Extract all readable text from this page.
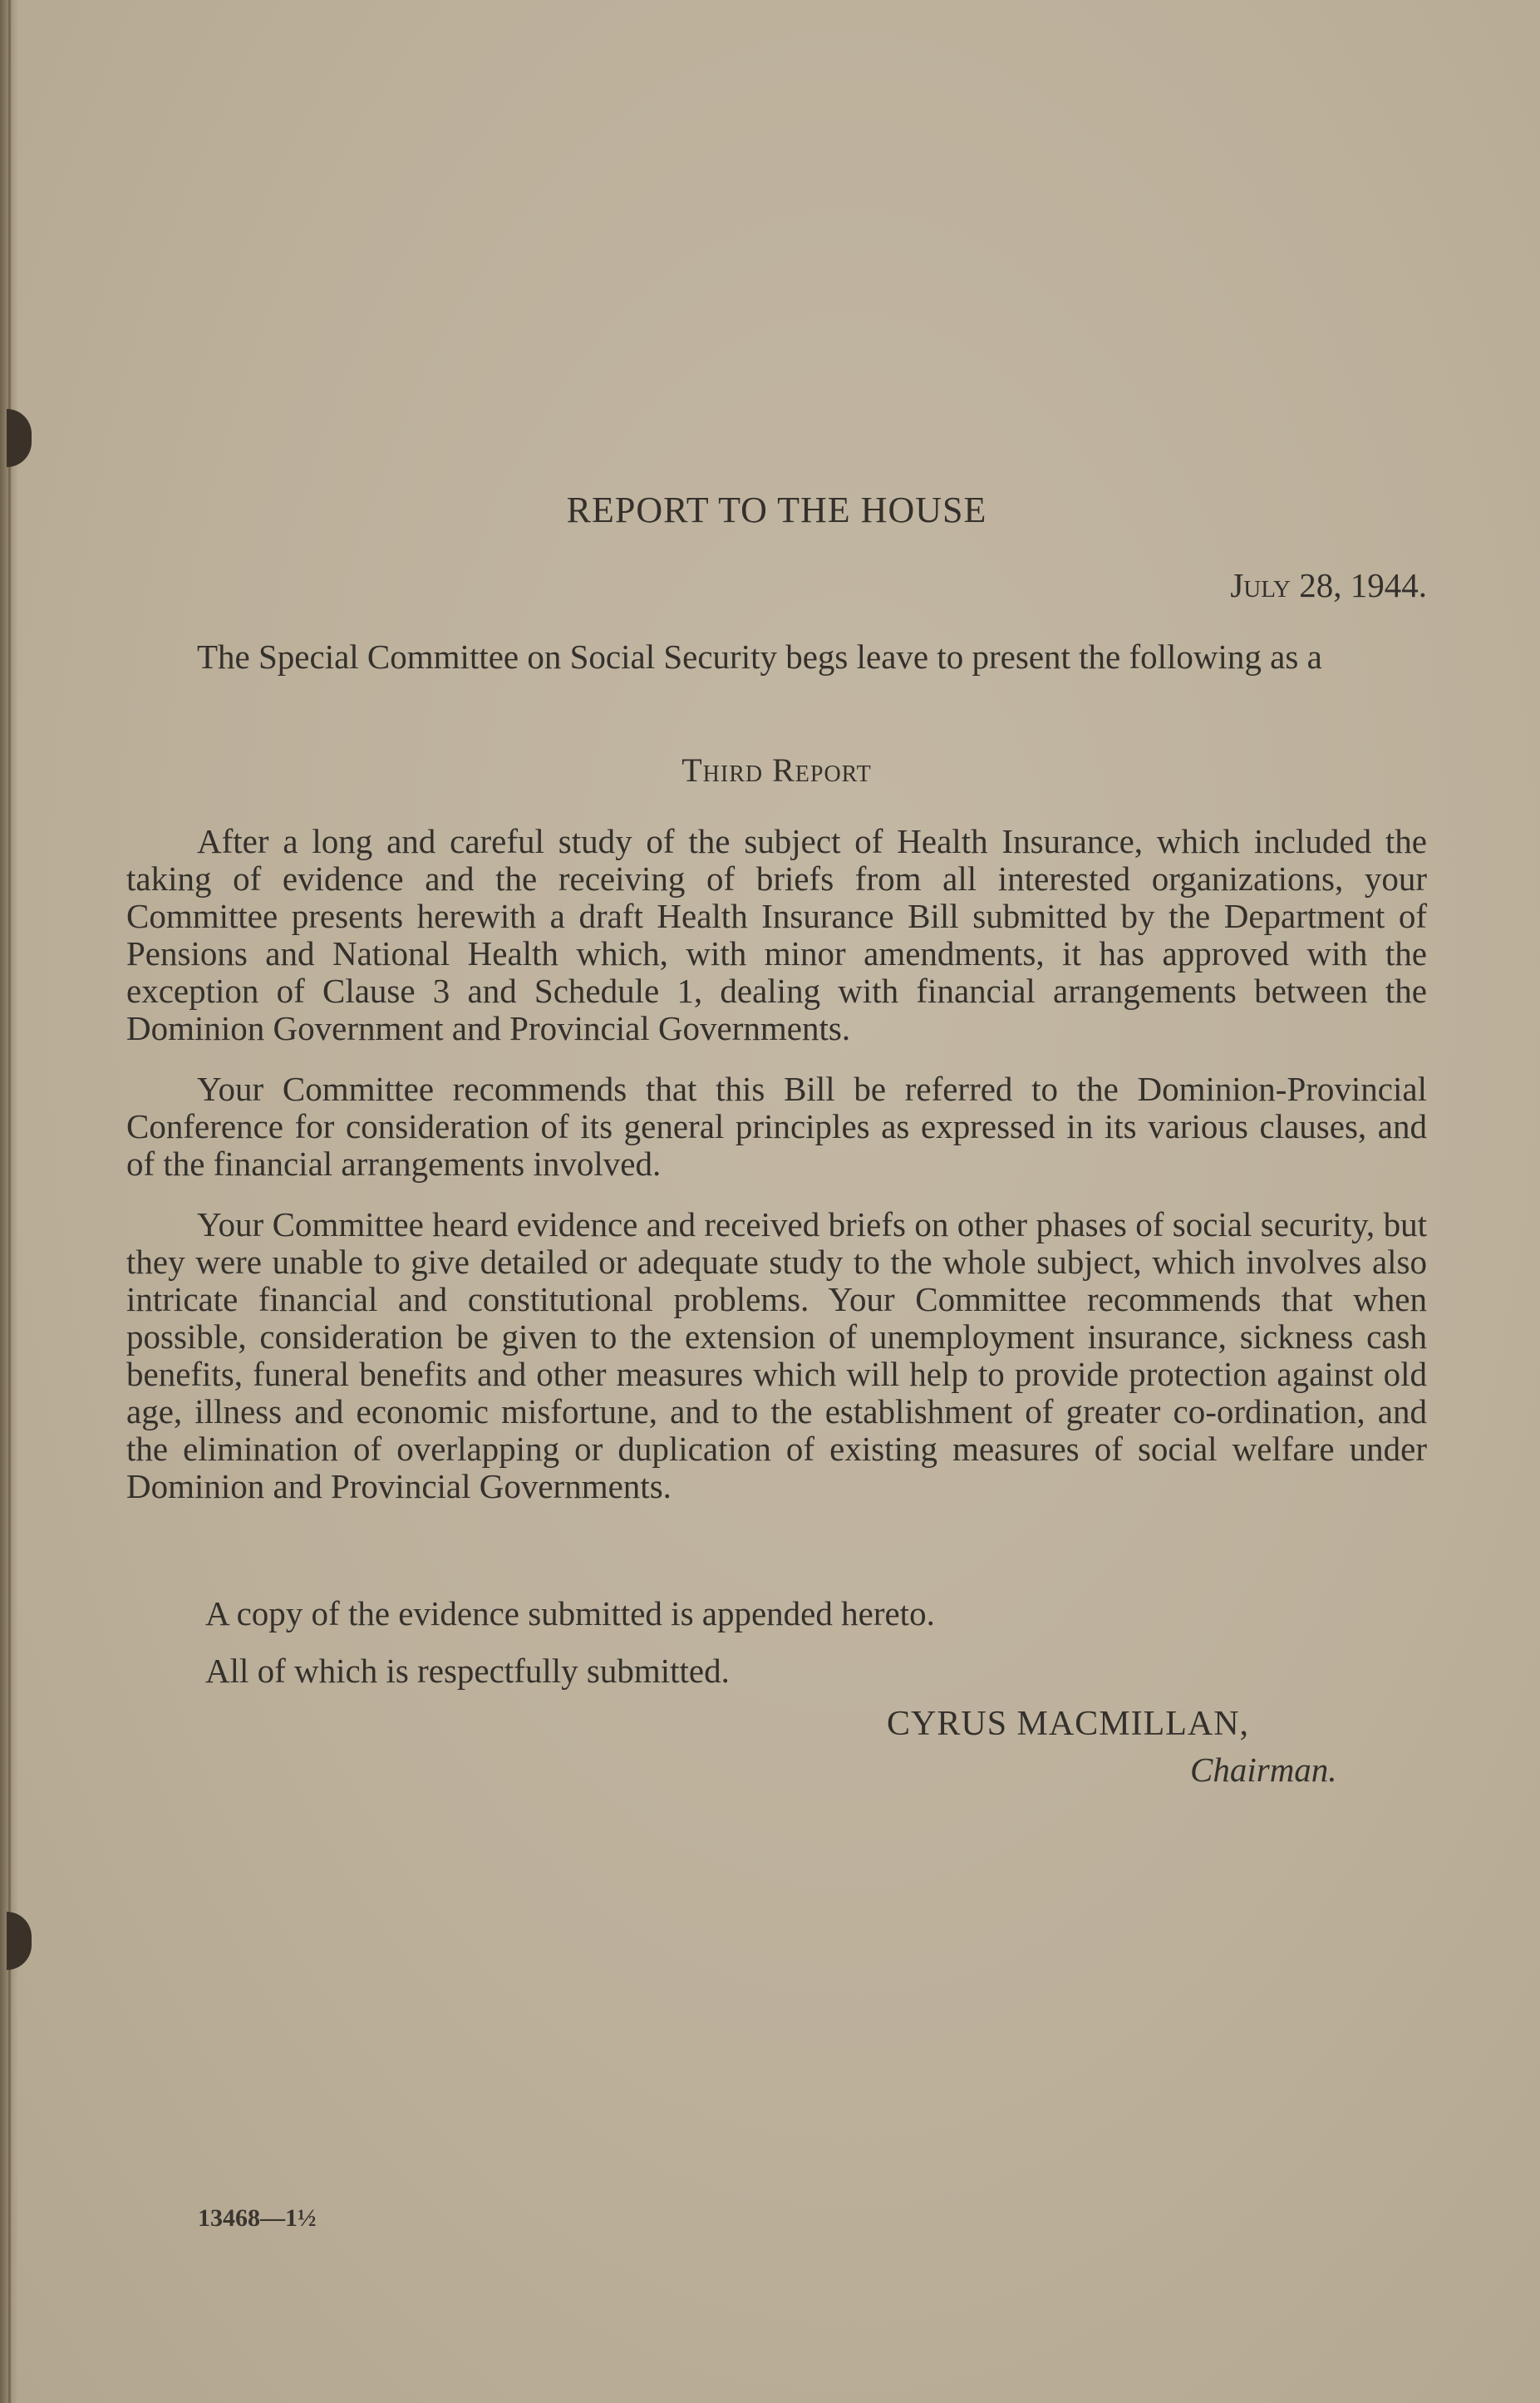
REPORT TO THE HOUSE
July 28, 1944.

The Special Committee on Social Security begs leave to present the following as a

Third Report

After a long and careful study of the subject of Health Insurance, which included the taking of evidence and the receiving of briefs from all interested organizations, your Committee presents herewith a draft Health Insurance Bill submitted by the Department of Pensions and National Health which, with minor amendments, it has approved with the exception of Clause 3 and Schedule 1, dealing with financial arrangements between the Dominion Government and Provincial Governments.

Your Committee recommends that this Bill be referred to the Dominion-Provincial Conference for consideration of its general principles as expressed in its various clauses, and of the financial arrangements involved.

Your Committee heard evidence and received briefs on other phases of social security, but they were unable to give detailed or adequate study to the whole subject, which involves also intricate financial and constitutional problems. Your Committee recommends that when possible, consideration be given to the extension of unemployment insurance, sickness cash benefits, funeral benefits and other measures which will help to provide protection against old age, illness and economic misfortune, and to the establishment of greater co-ordination, and the elimination of overlapping or duplication of existing measures of social welfare under Dominion and Provincial Governments.

A copy of the evidence submitted is appended hereto.

All of which is respectfully submitted.

CYRUS MACMILLAN,
Chairman.
13468—1½
